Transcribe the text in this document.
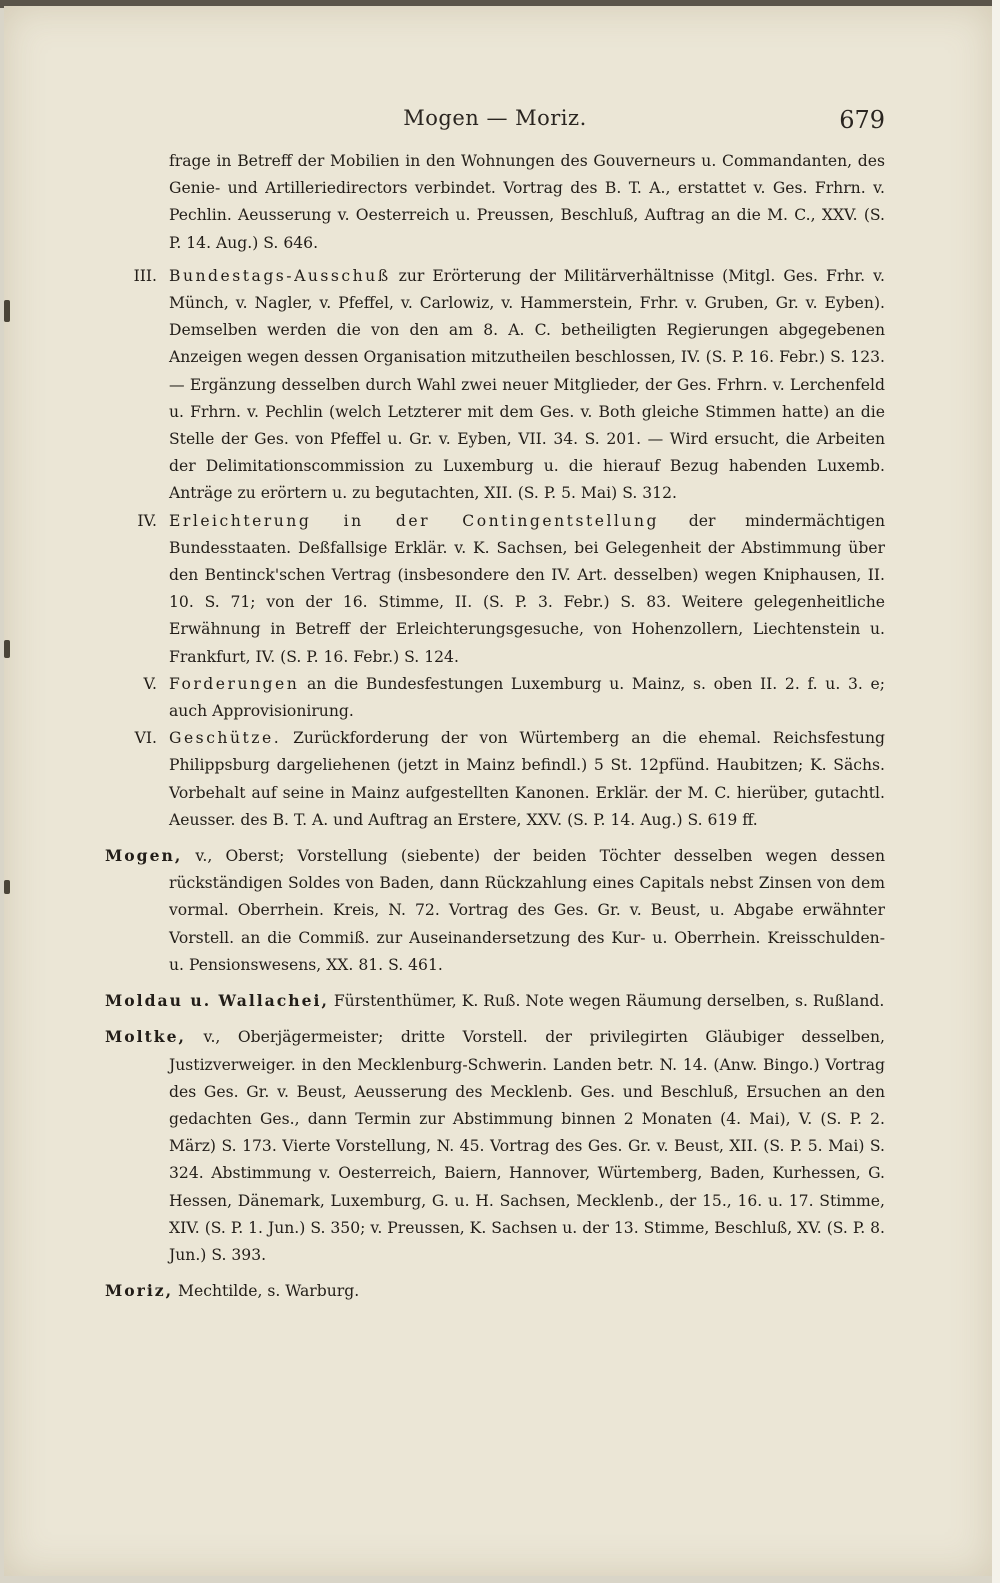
Mogen — Moriz.	679
frage in Betreff der Mobilien in den Wohnungen des Gouverneurs u. Commandanten, des Genie- und Artilleriedirectors verbindet. Vortrag des B. T. A., erstattet v. Ges. Frhrn. v. Pechlin. Aeusserung v. Oesterreich u. Preussen, Beschluß, Auftrag an die M. C., XXV. (S. P. 14. Aug.) S. 646.
III. Bundestags-Ausschuß zur Erörterung der Militärverhältnisse (Mitgl. Ges. Frhr. v. Münch, v. Nagler, v. Pfeffel, v. Carlowiz, v. Hammerstein, Frhr. v. Gruben, Gr. v. Eyben). Demselben werden die von den am 8. A. C. betheiligten Regierungen abgegebenen Anzeigen wegen dessen Organisation mitzutheilen beschlossen, IV. (S. P. 16. Febr.) S. 123. — Ergänzung desselben durch Wahl zwei neuer Mitglieder, der Ges. Frhrn. v. Lerchenfeld u. Frhrn. v. Pechlin (welch Letzterer mit dem Ges. v. Both gleiche Stimmen hatte) an die Stelle der Ges. von Pfeffel u. Gr. v. Eyben, VII. 34. S. 201. — Wird ersucht, die Arbeiten der Delimitationscommission zu Luxemburg u. die hierauf Bezug habenden Luxemb. Anträge zu erörtern u. zu begutachten, XII. (S. P. 5. Mai) S. 312.
IV. Erleichterung in der Contingentstellung der mindermächtigen Bundesstaaten. Deßfallsige Erklär. v. K. Sachsen, bei Gelegenheit der Abstimmung über den Bentinck'schen Vertrag (insbesondere den IV. Art. desselben) wegen Kniphausen, II. 10. S. 71; von der 16. Stimme, II. (S. P. 3. Febr.) S. 83. Weitere gelegenheitliche Erwähnung in Betreff der Erleichterungsgesuche, von Hohenzollern, Liechtenstein u. Frankfurt, IV. (S. P. 16. Febr.) S. 124.
V. Forderungen an die Bundesfestungen Luxemburg u. Mainz, s. oben II. 2. f. u. 3. e; auch Approvisionirung.
VI. Geschütze. Zurückforderung der von Würtemberg an die ehemal. Reichsfestung Philippsburg dargeliehenen (jetzt in Mainz befindl.) 5 St. 12pfünd. Haubitzen; K. Sächs. Vorbehalt auf seine in Mainz aufgestellten Kanonen. Erklär. der M. C. hierüber, gutachtl. Aeusser. des B. T. A. und Auftrag an Erstere, XXV. (S. P. 14. Aug.) S. 619 ff.
Mogen, v., Oberst; Vorstellung (siebente) der beiden Töchter desselben wegen dessen rückständigen Soldes von Baden, dann Rückzahlung eines Capitals nebst Zinsen von dem vormal. Oberrhein. Kreis, N. 72. Vortrag des Ges. Gr. v. Beust, u. Abgabe erwähnter Vorstell. an die Commiß. zur Auseinandersetzung des Kur- u. Oberrhein. Kreisschulden- u. Pensionswesens, XX. 81. S. 461.
Moldau u. Wallachei, Fürstenthümer, K. Ruß. Note wegen Räumung derselben, s. Rußland.
Moltke, v., Oberjägermeister; dritte Vorstell. der privilegirten Gläubiger desselben, Justizverweiger. in den Mecklenburg-Schwerin. Landen betr. N. 14. (Anw. Bingo.) Vortrag des Ges. Gr. v. Beust, Aeusserung des Mecklenb. Ges. und Beschluß, Ersuchen an den gedachten Ges., dann Termin zur Abstimmung binnen 2 Monaten (4. Mai), V. (S. P. 2. März) S. 173. Vierte Vorstellung, N. 45. Vortrag des Ges. Gr. v. Beust, XII. (S. P. 5. Mai) S. 324. Abstimmung v. Oesterreich, Baiern, Hannover, Würtemberg, Baden, Kurhessen, G. Hessen, Dänemark, Luxemburg, G. u. H. Sachsen, Mecklenb., der 15., 16. u. 17. Stimme, XIV. (S. P. 1. Jun.) S. 350; v. Preussen, K. Sachsen u. der 13. Stimme, Beschluß, XV. (S. P. 8. Jun.) S. 393.
Moriz, Mechtilde, s. Warburg.
